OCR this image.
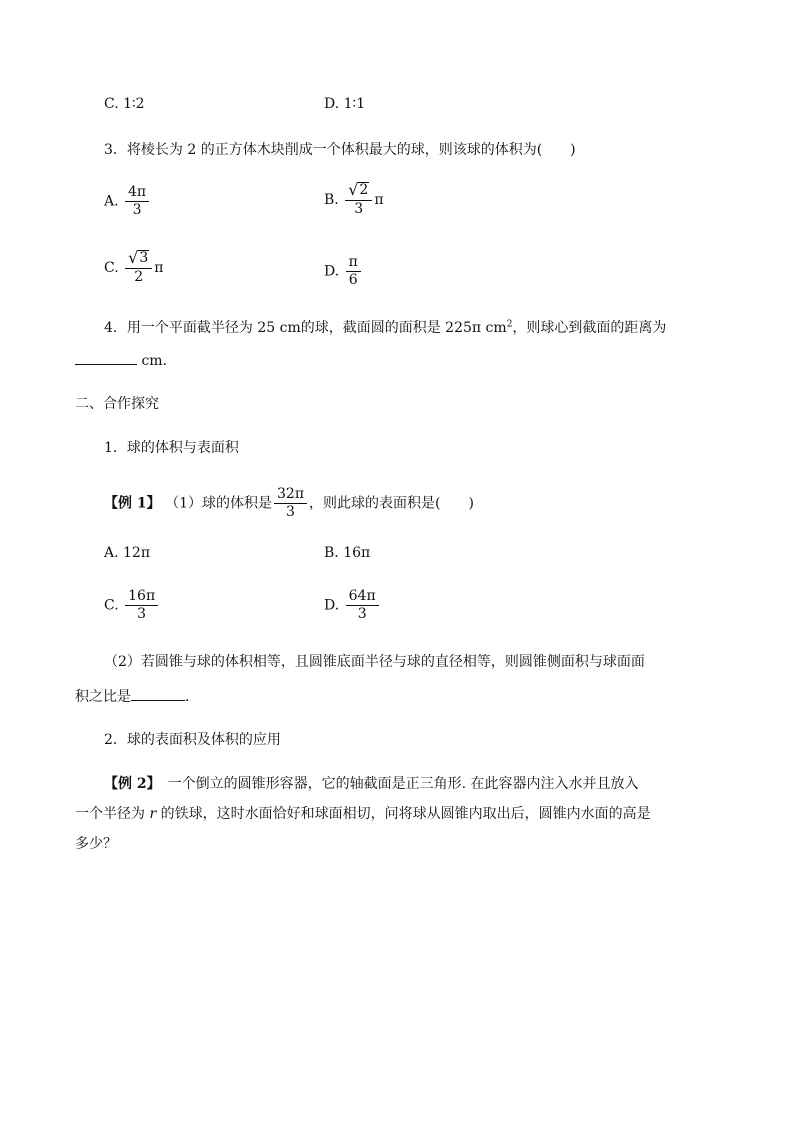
C. 1∶2	D. 1∶1
3．将棱长为 2 的正方体木块削成一个体积最大的球，则该球的体积为(　　)
A. $\frac{4\pi}{3}$	B. $\frac{√ 2}{3}$ π
C. $\frac{√ 3}{2}$ π	D. $\frac{\pi}{6}$
4．用一个平面截半径为 25 cm的球，截面圆的面积是 225π $cm^2$，则球心到截面的距离为
cm.
二、合作探究
1．球的体积与表面积
【例 1】 （1）球的体积是 $\frac{32\pi}{3}$ ，则此球的表面积是(　　)
A. 12π	B. 16π
C. $\frac{16\pi}{3}$	D. $\frac{64\pi}{3}$
（2）若圆锥与球的体积相等，且圆锥底面半径与球的直径相等，则圆锥侧面积与球面面
积之比是	.
2．球的表面积及体积的应用
【例 2】　一个倒立的圆锥形容器，它的轴截面是正三角形. 在此容器内注入水并且放入
一个半径为 r 的铁球，这时水面恰好和球面相切，问将球从圆锥内取出后，圆锥内水面的高是
多少？
